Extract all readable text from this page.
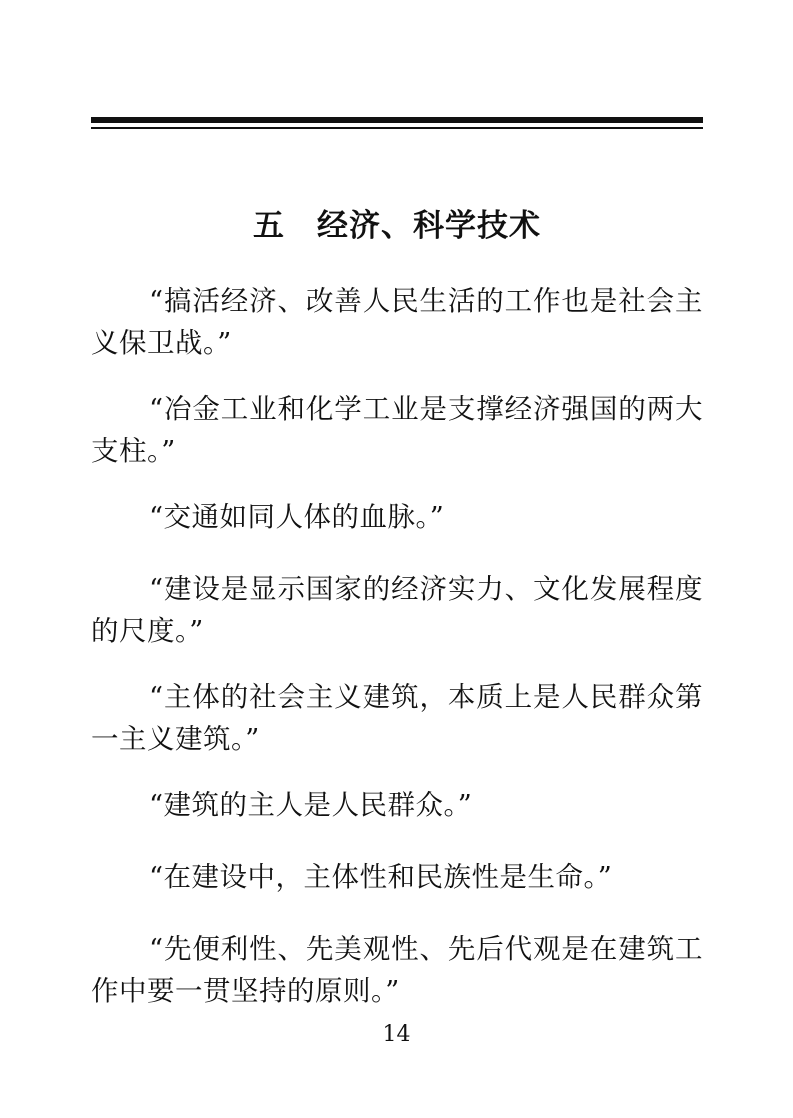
五　经济、科学技术

“搞活经济、改善人民生活的工作也是社会主义保卫战。”

“冶金工业和化学工业是支撑经济强国的两大支柱。”

“交通如同人体的血脉。”

“建设是显示国家的经济实力、文化发展程度的尺度。”

“主体的社会主义建筑，本质上是人民群众第一主义建筑。”

“建筑的主人是人民群众。”

“在建设中，主体性和民族性是生命。”

“先便利性、先美观性、先后代观是在建筑工作中要一贯坚持的原则。”

14
